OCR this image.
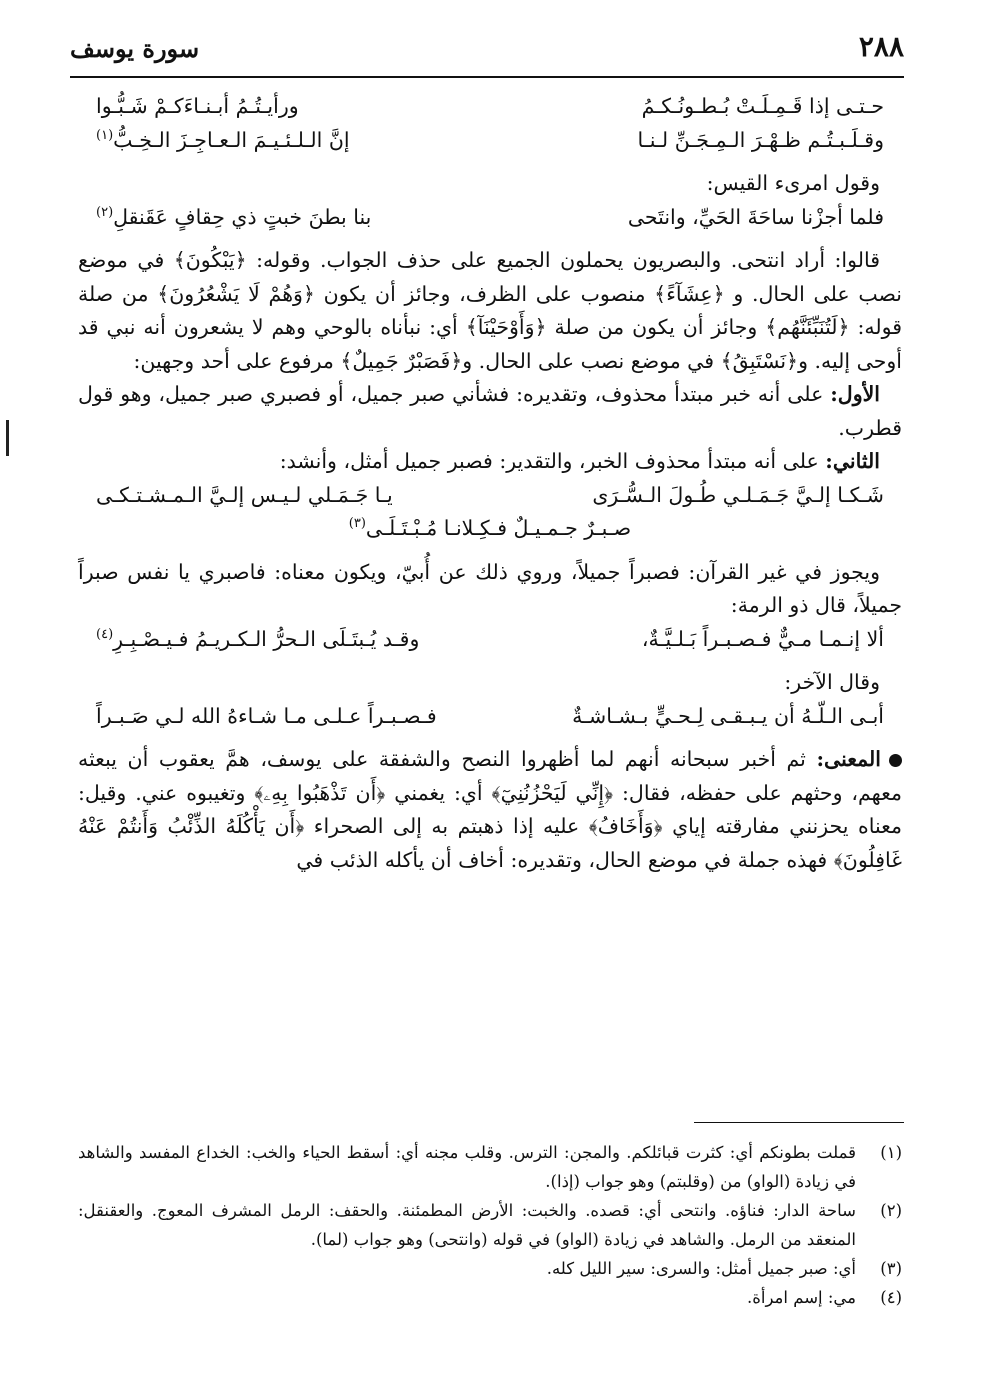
٢٨٨
سورة يوسف
حـتـى إذا قَـمِـلَـتْ بُـطـونُـكـمُ
ورأيـتُـمُ أبـنـاءَكـمْ شَـبُّـوا
وقـلَـبـتُـم ظـهْـرَ الـمِـجَـنِّ لـنـا
إنَّ الـلـئـيـمَ الـعـاجِـزَ الـخِـبُّ$^{(١)}$

وقول امرىء القيس:

فلما أجزْنا ساحَةَ الحَيِّ، وانتَحى
بنا بطنَ خبتٍ ذي حِقافٍ عَقَنقلِ$^{(٢)}$

قالوا: أراد انتحى. والبصريون يحملون الجميع على حذف الجواب. وقوله: ﴿يَبْكُونَ﴾ في موضع نصب على الحال. و ﴿عِشَآءً﴾ منصوب على الظرف، وجائز أن يكون ﴿وَهُمْ لَا يَشْعُرُونَ﴾ من صلة قوله: ﴿لَتُنَبِّئَنَّهُم﴾ وجائز أن يكون من صلة ﴿وَأَوْحَيْنَآ﴾ أي: نبأناه بالوحي وهم لا يشعرون أنه نبي قد أوحى إليه. و﴿نَسْتَبِقُ﴾ في موضع نصب على الحال. و﴿فَصَبْرٌ جَمِيلٌ﴾ مرفوع على أحد وجهين:

الأول: على أنه خبر مبتدأ محذوف، وتقديره: فشأني صبر جميل، أو فصبري صبر جميل، وهو قول قطرب.

الثاني: على أنه مبتدأ محذوف الخبر، والتقدير: فصبر جميل أمثل، وأنشد:

شَـكـا إلـيَّ جَـمَـلـي طُـولَ الـسُّـرَى
يـا جَـمَـلي لـيـس إلـيَّ الـمـشـتـكـى
صـبـرٌ جـمـيـلٌ فـكِـلانـا مُـبْـتَـلَـى$^{(٣)}$

ويجوز في غير القرآن: فصبراً جميلاً، وروي ذلك عن أُبيّ، ويكون معناه: فاصبري يا نفس صبراً جميلاً، قال ذو الرمة:

ألا إنـمـا مـيٌّ فـصـبـراً بَـلـيَّـةٌ،
وقـد يُـبتَـلَى الـحرُّ الـكـريـمُ فـيـصْـبِـرِ$^{(٤)}$

وقال الآخر:

أبـى الـلّـهُ أن يـبـقـى لِـحـيٍّ بـشـاشـةٌ
فـصـبـراً عـلـى مـا شـاءهُ الله لـي صَـبـراً

المعنى: ثم أخبر سبحانه أنهم لما أظهروا النصح والشفقة على يوسف، همَّ يعقوب أن يبعثه معهم، وحثهم على حفظه، فقال: ﴿إِنِّي لَيَحْزُنُنِيٓ﴾ أي: يغمني ﴿أَن تَذْهَبُوا بِهِۦ﴾ وتغيبوه عني. وقيل: معناه يحزنني مفارقته إياي ﴿وَأَخَافُ﴾ عليه إذا ذهبتم به إلى الصحراء ﴿أَن يَأْكُلَهُ الذِّئْبُ وَأَنتُمْ عَنْهُ غَافِلُونَ﴾ فهذه جملة في موضع الحال، وتقديره: أخاف أن يأكله الذئب في

(١)
قملت بطونكم أي: كثرت قبائلكم. والمجن: الترس. وقلب مجنه أي: أسقط الحياء والخب: الخداع المفسد والشاهد في زيادة (الواو) من (وقلبتم) وهو جواب (إذا).
(٢)
ساحة الدار: فناؤه. وانتحى أي: قصده. والخبت: الأرض المطمئنة. والحقف: الرمل المشرف المعوج. والعقنقل: المنعقد من الرمل. والشاهد في زيادة (الواو) في قوله (وانتحى) وهو جواب (لما).
(٣)
أي: صبر جميل أمثل: والسرى: سير الليل كله.
(٤)
مي: إسم امرأة.
